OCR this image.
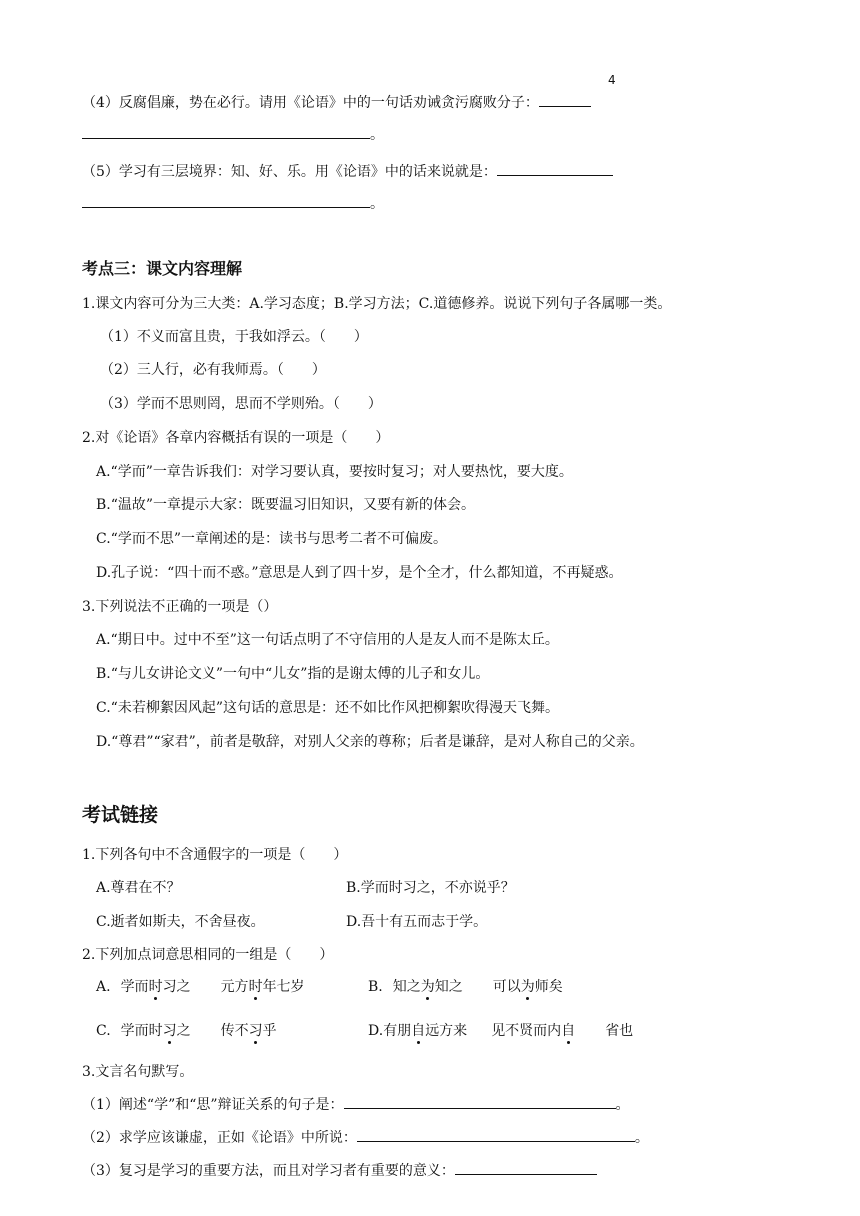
4
（4）反腐倡廉，势在必行。请用《论语》中的一句话劝诫贪污腐败分子：
。
（5）学习有三层境界：知、好、乐。用《论语》中的话来说就是：
。
考点三：课文内容理解
1.课文内容可分为三大类：A.学习态度；B.学习方法；C.道德修养。说说下列句子各属哪一类。
（1）不义而富且贵，于我如浮云。（　　）
（2）三人行，必有我师焉。（　　）
（3）学而不思则罔，思而不学则殆。（　　）
2.对《论语》各章内容概括有误的一项是（　　）
A.“学而”一章告诉我们：对学习要认真，要按时复习；对人要热忱，要大度。
B.“温故”一章提示大家：既要温习旧知识，又要有新的体会。
C.“学而不思”一章阐述的是：读书与思考二者不可偏废。
D.孔子说：“四十而不惑。”意思是人到了四十岁，是个全才，什么都知道，不再疑惑。
3.下列说法不正确的一项是（）
A.“期日中。过中不至”这一句话点明了不守信用的人是友人而不是陈太丘。
B.“与儿女讲论文义”一句中“儿女”指的是谢太傅的儿子和女儿。
C.“未若柳絮因风起”这句话的意思是：还不如比作风把柳絮吹得漫天飞舞。
D.“尊君”“家君”，前者是敬辞，对别人父亲的尊称；后者是谦辞，是对人称自己的父亲。
考试链接
1.下列各句中不含通假字的一项是（　　）
A.尊君在不？	B.学而时习之，不亦说乎？
C.逝者如斯夫，不舍昼夜。	D.吾十有五而志于学。
2.下列加点词意思相同的一组是（　　）
A. 学而时习之 元方时年七岁	B. 知之为知之 可以为师矣
C. 学而时习之 传不习乎	D.有朋自远方来 见不贤而内自 省也
3.文言名句默写。
（1）阐述“学”和“思”辩证关系的句子是：	。
（2）求学应该谦虚，正如《论语》中所说：	。
（3）复习是学习的重要方法，而且对学习者有重要的意义：
